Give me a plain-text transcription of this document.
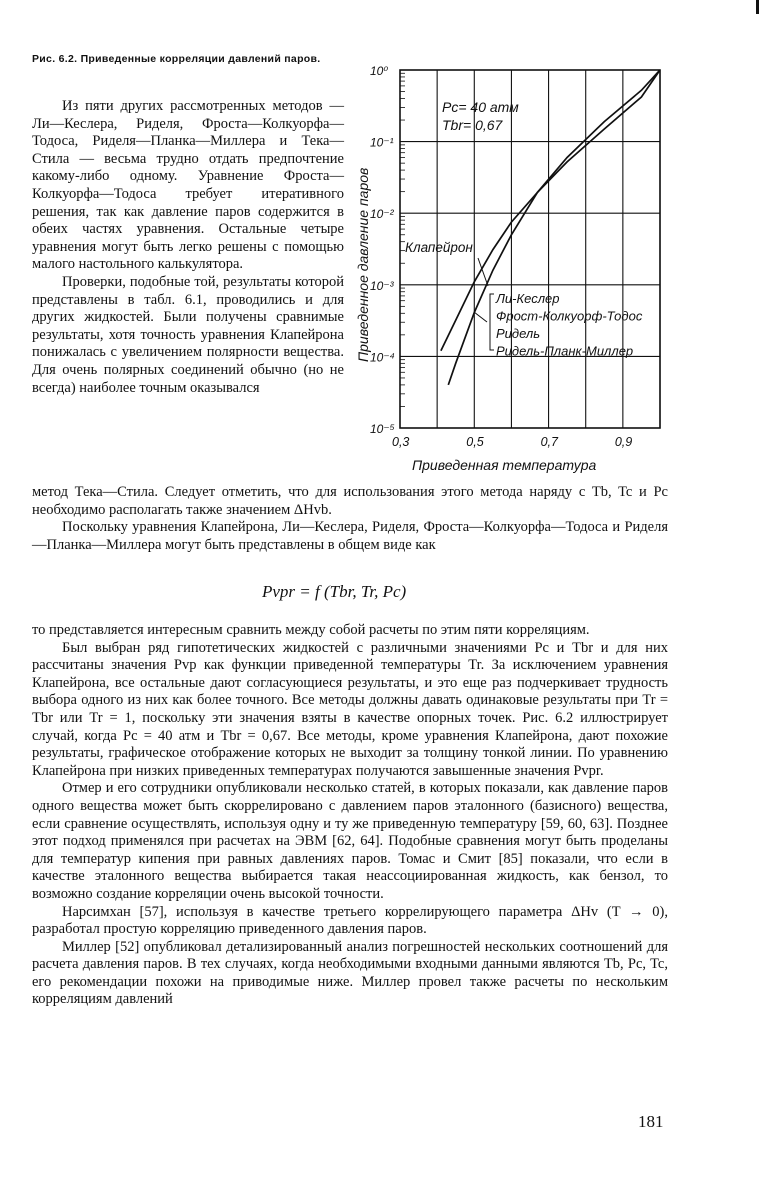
Рис. 6.2. Приведенные корреляции давлений паров.

Из пяти других рассмотренных методов — Ли—Кеслера, Риделя, Фроста—Колкуорфа—Тодоса, Риделя—Планка—Миллера и Тека—Стила — весьма трудно отдать предпочтение какому-либо одному. Уравнение Фроста—Колкуорфа—Тодоса требует итеративного решения, так как давление паров содержится в обеих частях уравнения. Остальные четыре уравнения могут быть легко решены с помощью малого настольного калькулятора.

Проверки, подобные той, результаты которой представлены в табл. 6.1, проводились и для других жидкостей. Были получены сравнимые результаты, хотя точность уравнения Клапейрона понижалась с увеличением полярности вещества. Для очень полярных соединений обычно (но не всегда) наиболее точным оказывался

метод Тека—Стила. Следует отметить, что для использования этого метода наряду с Tb, Tc и Pc необходимо располагать также значением ΔHvb.

Поскольку уравнения Клапейрона, Ли—Кеслера, Риделя, Фроста—Колкуорфа—Тодоса и Риделя—Планка—Миллера могут быть представлены в общем виде как

Pvpr = f (Tbr, Tr, Pc)

то представляется интересным сравнить между собой расчеты по этим пяти корреляциям.

Был выбран ряд гипотетических жидкостей с различными значениями Pc и Tbr и для них рассчитаны значения Pvp как функции приведенной температуры Tr. За исключением уравнения Клапейрона, все остальные дают согласующиеся результаты, и это еще раз подчеркивает трудность выбора одного из них как более точного. Все методы должны давать одинаковые результаты при Tr = Tbr или Tr = 1, поскольку эти значения взяты в качестве опорных точек. Рис. 6.2 иллюстрирует случай, когда Pc = 40 атм и Tbr = 0,67. Все методы, кроме уравнения Клапейрона, дают похожие результаты, графическое отображение которых не выходит за толщину тонкой линии. По уравнению Клапейрона при низких приведенных температурах получаются завышенные значения Pvpr.

Отмер и его сотрудники опубликовали несколько статей, в которых показали, как давление паров одного вещества может быть скоррелировано с давлением паров эталонного (базисного) вещества, если сравнение осуществлять, используя одну и ту же приведенную температуру [59, 60, 63]. Позднее этот подход применялся при расчетах на ЭВМ [62, 64]. Подобные сравнения могут быть проделаны для температур кипения при равных давлениях паров. Томас и Смит [85] показали, что если в качестве эталонного вещества выбирается такая неассоциированная жидкость, как бензол, то возможно создание корреляции очень высокой точности.

Нарсимхан [57], используя в качестве третьего коррелирующего параметра ΔHv (T → 0), разработал простую корреляцию приведенного давления паров.

Миллер [52] опубликовал детализированный анализ погрешностей нескольких соотношений для расчета давления паров. В тех случаях, когда необходимыми входными данными являются Tb, Pc, Tc, его рекомендации похожи на приводимые ниже. Миллер провел также расчеты по нескольким корреляциям давлений

181
10⁰
10⁻¹
10⁻²
10⁻³
10⁻⁴
10⁻⁵
0,3	0,5	0,7	0,9
Приведенная температура
Приведенное давление паров
Pc= 40 атм
Tbr= 0,67
Клапейрон
Ли-Кеслер
Фрост-Колкуорф-Тодос
Ридель
Ридель-Планк-Миллер
